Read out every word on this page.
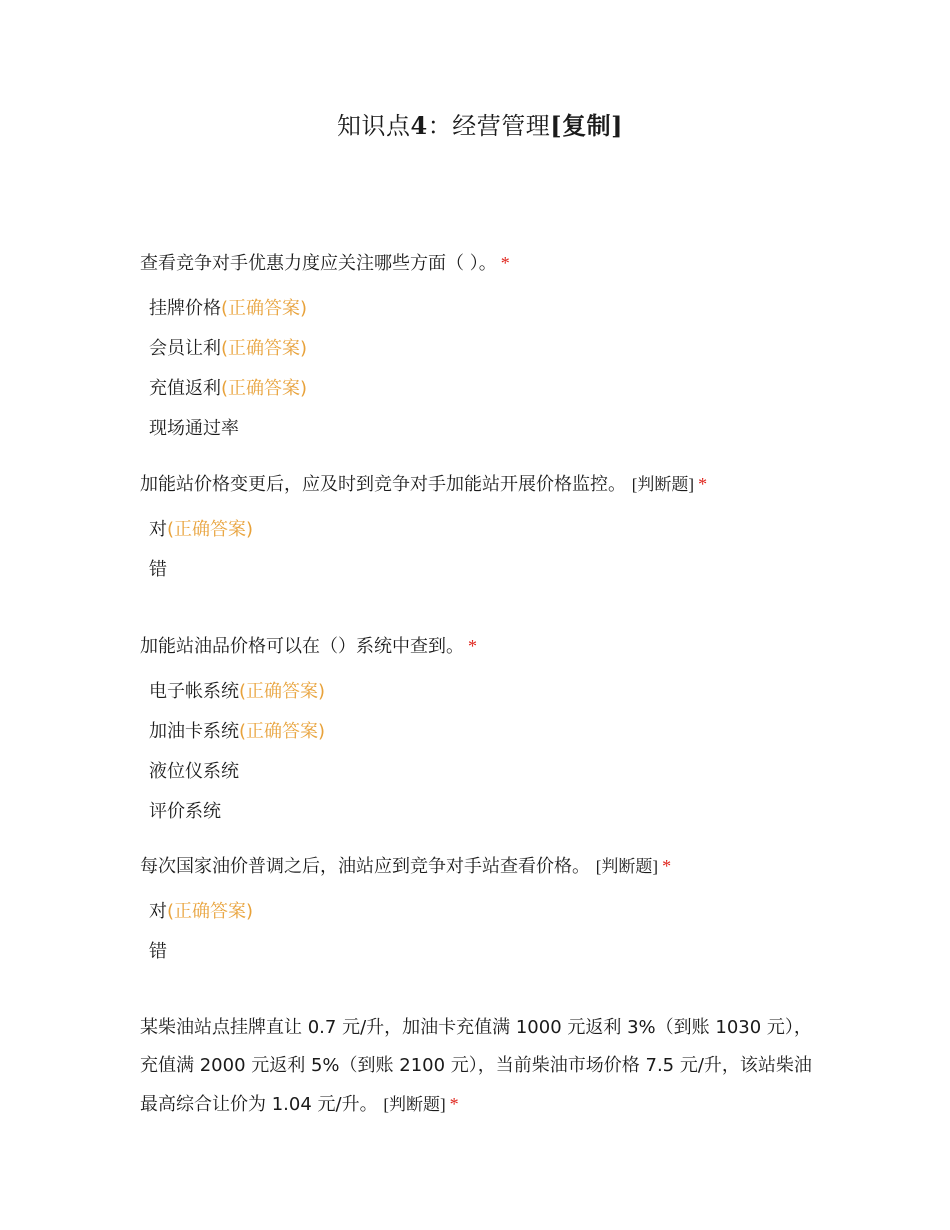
知识点4：经营管理[复制]
查看竞争对手优惠力度应关注哪些方面（ ）。 *
挂牌价格(正确答案)
会员让利(正确答案)
充值返利(正确答案)
现场通过率
加能站价格变更后，应及时到竞争对手加能站开展价格监控。 [判断题] *
对(正确答案)
错
加能站油品价格可以在（）系统中查到。 *
电子帐系统(正确答案)
加油卡系统(正确答案)
液位仪系统
评价系统
每次国家油价普调之后，油站应到竞争对手站查看价格。 [判断题] *
对(正确答案)
错
某柴油站点挂牌直让 0.7 元/升，加油卡充值满 1000 元返利 3%（到账 1030 元），充值满 2000 元返利 5%（到账 2100 元），当前柴油市场价格 7.5 元/升，该站柴油最高综合让价为 1.04 元/升。 [判断题] *
